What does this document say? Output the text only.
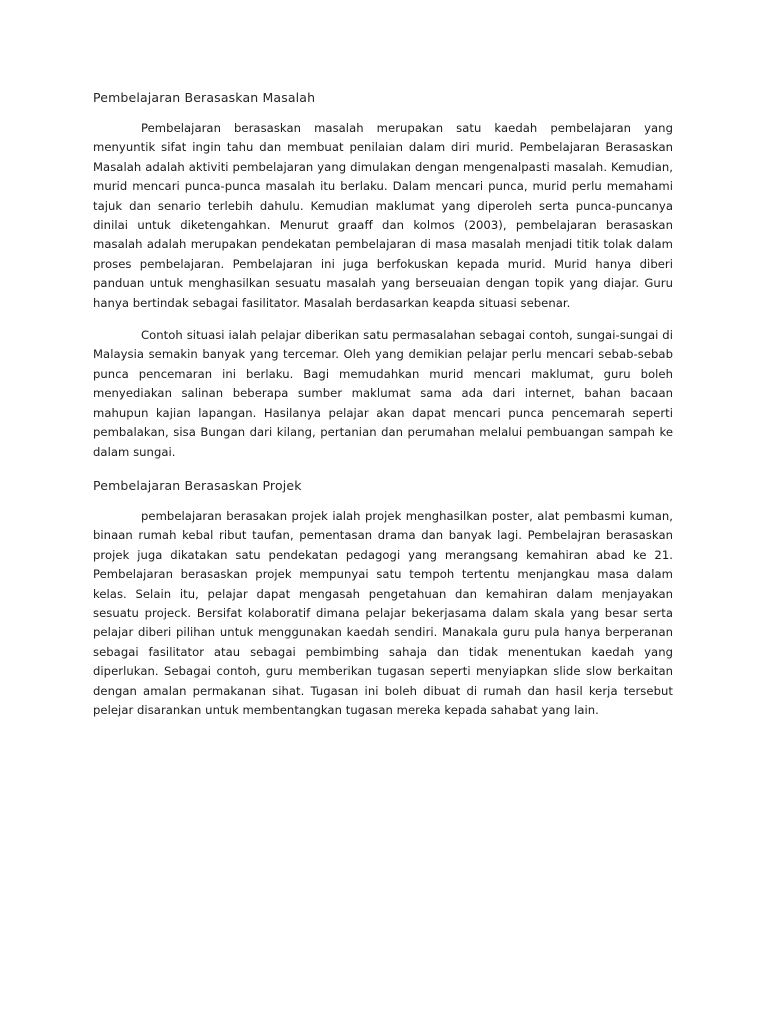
Pembelajaran Berasaskan Masalah

Pembelajaran berasaskan masalah merupakan satu kaedah pembelajaran yang menyuntik sifat ingin tahu dan membuat penilaian dalam diri murid. Pembelajaran Berasaskan Masalah adalah aktiviti pembelajaran yang dimulakan dengan mengenalpasti masalah. Kemudian, murid mencari punca-punca masalah itu berlaku. Dalam mencari punca, murid perlu memahami tajuk dan senario terlebih dahulu. Kemudian maklumat yang diperoleh serta punca-puncanya dinilai untuk diketengahkan. Menurut graaff dan kolmos (2003), pembelajaran berasaskan masalah adalah merupakan pendekatan pembelajaran di masa masalah menjadi titik tolak dalam proses pembelajaran. Pembelajaran ini juga berfokuskan kepada murid. Murid hanya diberi panduan untuk menghasilkan sesuatu masalah yang berseuaian dengan topik yang diajar. Guru hanya bertindak sebagai fasilitator. Masalah berdasarkan keapda situasi sebenar.

Contoh situasi ialah pelajar diberikan satu permasalahan sebagai contoh, sungai-sungai di Malaysia semakin banyak yang tercemar. Oleh yang demikian pelajar perlu mencari sebab-sebab punca pencemaran ini berlaku. Bagi memudahkan murid mencari maklumat, guru boleh menyediakan salinan beberapa sumber maklumat sama ada dari internet, bahan bacaan mahupun kajian lapangan. Hasilanya pelajar akan dapat mencari punca pencemarah seperti pembalakan, sisa Bungan dari kilang, pertanian dan perumahan melalui pembuangan sampah ke dalam sungai.

Pembelajaran Berasaskan Projek

pembelajaran berasakan projek ialah projek menghasilkan poster, alat pembasmi kuman, binaan rumah kebal ribut taufan, pementasan drama dan banyak lagi. Pembelajran berasaskan projek juga dikatakan satu pendekatan pedagogi yang merangsang kemahiran abad ke 21. Pembelajaran berasaskan projek mempunyai satu tempoh tertentu menjangkau masa dalam kelas. Selain itu, pelajar dapat mengasah pengetahuan dan kemahiran dalam menjayakan sesuatu projeck. Bersifat kolaboratif dimana pelajar bekerjasama dalam skala yang besar serta pelajar diberi pilihan untuk menggunakan kaedah sendiri. Manakala guru pula hanya berperanan sebagai fasilitator atau sebagai pembimbing sahaja dan tidak menentukan kaedah yang diperlukan. Sebagai contoh, guru memberikan tugasan seperti menyiapkan slide slow berkaitan dengan amalan permakanan sihat. Tugasan ini boleh dibuat di rumah dan hasil kerja tersebut pelejar disarankan untuk membentangkan tugasan mereka kepada sahabat yang lain.
